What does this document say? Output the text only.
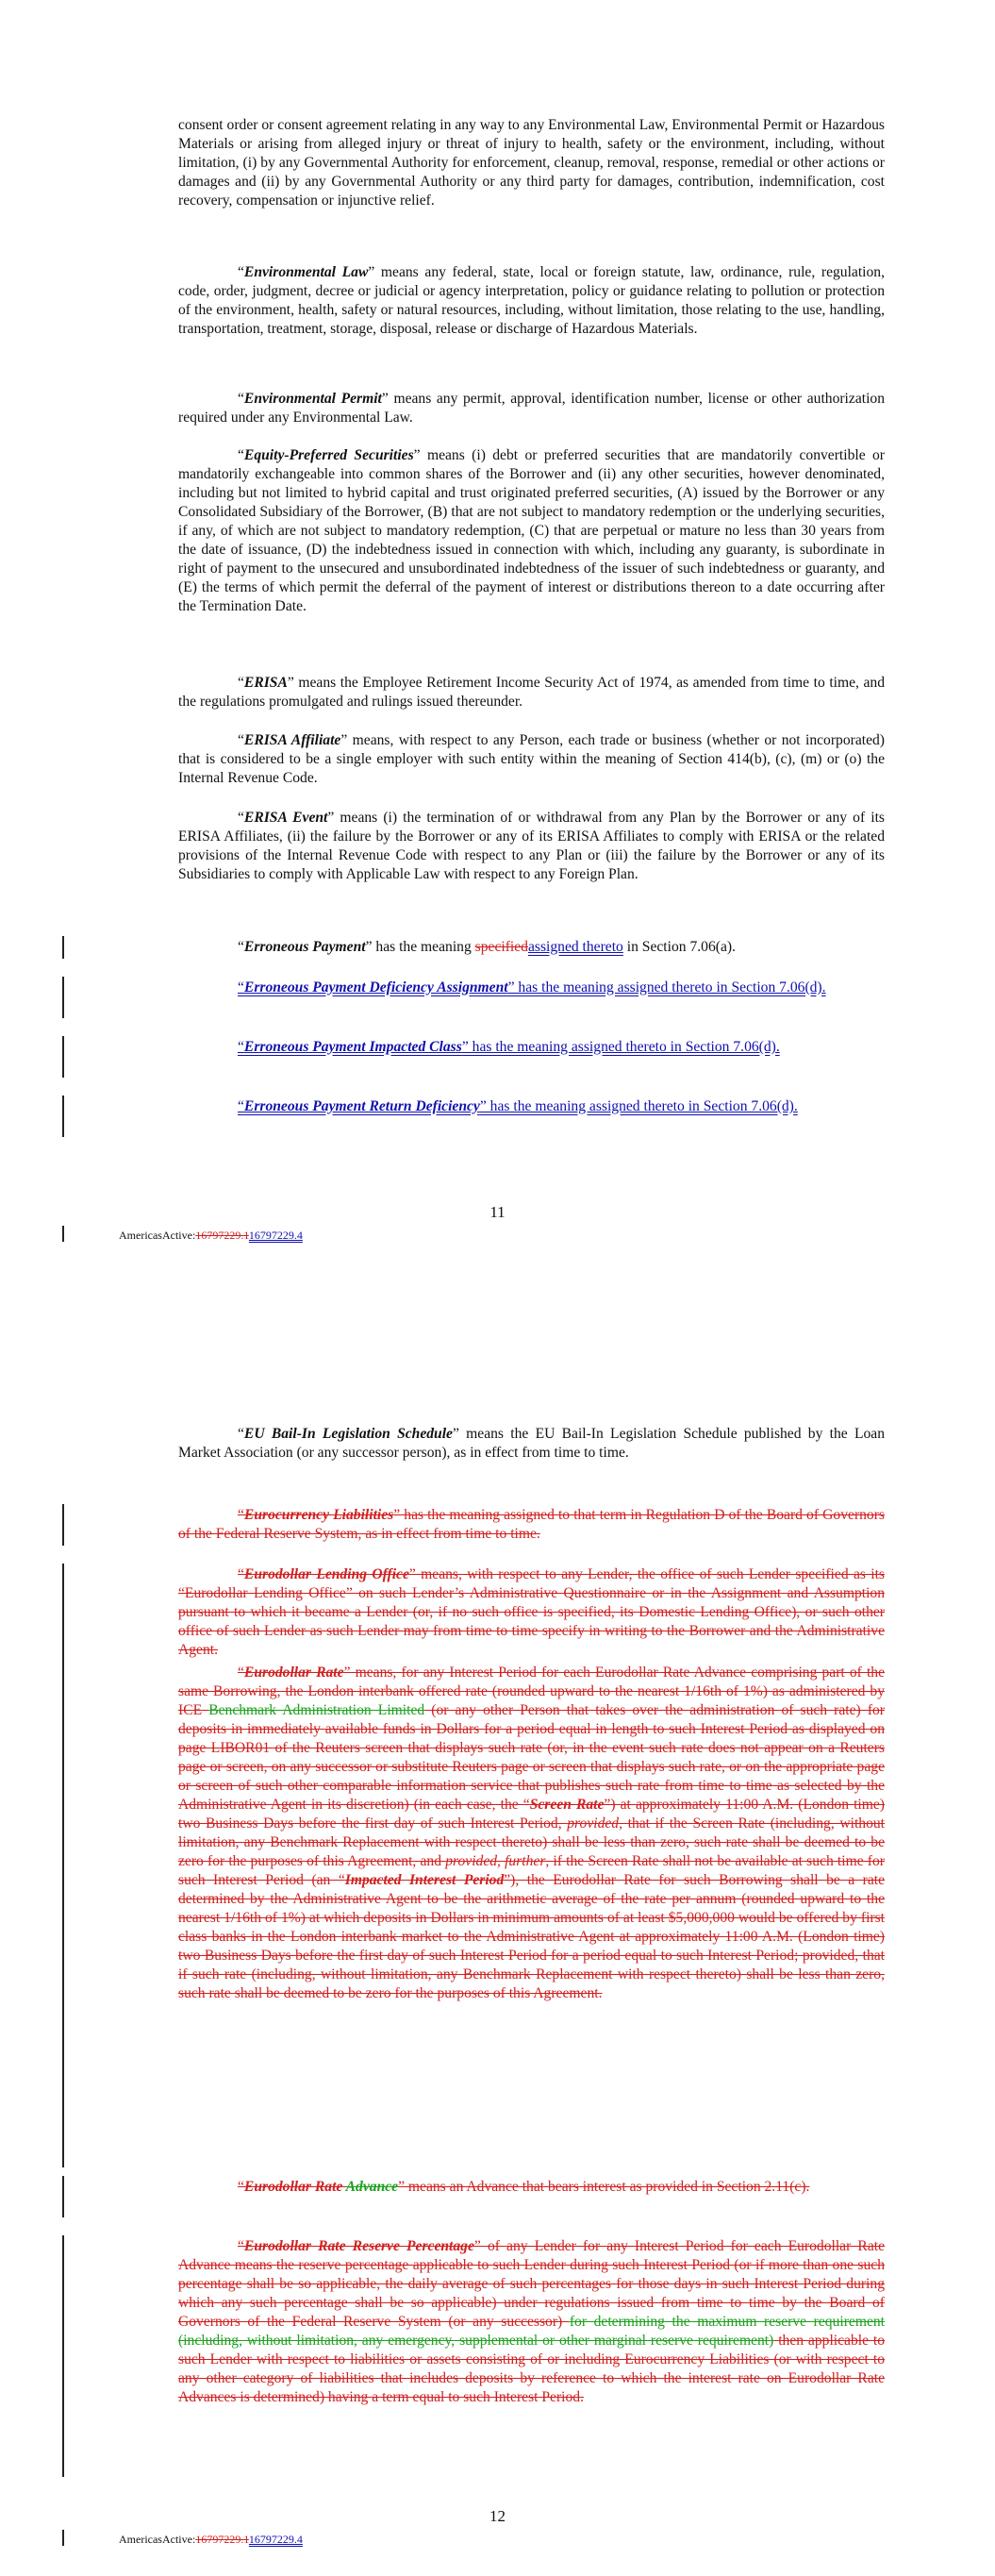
consent order or consent agreement relating in any way to any Environmental Law, Environmental Permit or Hazardous Materials or arising from alleged injury or threat of injury to health, safety or the environment, including, without limitation, (i) by any Governmental Authority for enforcement, cleanup, removal, response, remedial or other actions or damages and (ii) by any Governmental Authority or any third party for damages, contribution, indemnification, cost recovery, compensation or injunctive relief.

“Environmental Law” means any federal, state, local or foreign statute, law, ordinance, rule, regulation, code, order, judgment, decree or judicial or agency interpretation, policy or guidance relating to pollution or protection of the environment, health, safety or natural resources, including, without limitation, those relating to the use, handling, transportation, treatment, storage, disposal, release or discharge of Hazardous Materials.

“Environmental Permit” means any permit, approval, identification number, license or other authorization required under any Environmental Law.

“Equity-Preferred Securities” means (i) debt or preferred securities that are mandatorily convertible or mandatorily exchangeable into common shares of the Borrower and (ii) any other securities, however denominated, including but not limited to hybrid capital and trust originated preferred securities, (A) issued by the Borrower or any Consolidated Subsidiary of the Borrower, (B) that are not subject to mandatory redemption or the underlying securities, if any, of which are not subject to mandatory redemption, (C) that are perpetual or mature no less than 30 years from the date of issuance, (D) the indebtedness issued in connection with which, including any guaranty, is subordinate in right of payment to the unsecured and unsubordinated indebtedness of the issuer of such indebtedness or guaranty, and (E) the terms of which permit the deferral of the payment of interest or distributions thereon to a date occurring after the Termination Date.

“ERISA” means the Employee Retirement Income Security Act of 1974, as amended from time to time, and the regulations promulgated and rulings issued thereunder.

“ERISA Affiliate” means, with respect to any Person, each trade or business (whether or not incorporated) that is considered to be a single employer with such entity within the meaning of Section 414(b), (c), (m) or (o) the Internal Revenue Code.

“ERISA Event” means (i) the termination of or withdrawal from any Plan by the Borrower or any of its ERISA Affiliates, (ii) the failure by the Borrower or any of its ERISA Affiliates to comply with ERISA or the related provisions of the Internal Revenue Code with respect to any Plan or (iii) the failure by the Borrower or any of its Subsidiaries to comply with Applicable Law with respect to any Foreign Plan.

“Erroneous Payment” has the meaning specifiedassigned thereto in Section 7.06(a).

“Erroneous Payment Deficiency Assignment” has the meaning assigned thereto in Section 7.06(d).

“Erroneous Payment Impacted Class” has the meaning assigned thereto in Section 7.06(d).

“Erroneous Payment Return Deficiency” has the meaning assigned thereto in Section 7.06(d).

11
AmericasActive:16797229.116797229.4

“EU Bail-In Legislation Schedule” means the EU Bail-In Legislation Schedule published by the Loan Market Association (or any successor person), as in effect from time to time.

“Eurocurrency Liabilities” has the meaning assigned to that term in Regulation D of the Board of Governors of the Federal Reserve System, as in effect from time to time.

“Eurodollar Lending Office” means, with respect to any Lender, the office of such Lender specified as its “Eurodollar Lending Office” on such Lender’s Administrative Questionnaire or in the Assignment and Assumption pursuant to which it became a Lender (or, if no such office is specified, its Domestic Lending Office), or such other office of such Lender as such Lender may from time to time specify in writing to the Borrower and the Administrative Agent.

“Eurodollar Rate” means, for any Interest Period for each Eurodollar Rate Advance comprising part of the same Borrowing, the London interbank offered rate (rounded upward to the nearest 1/16th of 1%) as administered by ICE Benchmark Administration Limited (or any other Person that takes over the administration of such rate) for deposits in immediately available funds in Dollars for a period equal in length to such Interest Period as displayed on page LIBOR01 of the Reuters screen that displays such rate (or, in the event such rate does not appear on a Reuters page or screen, on any successor or substitute Reuters page or screen that displays such rate, or on the appropriate page or screen of such other comparable information service that publishes such rate from time to time as selected by the Administrative Agent in its discretion) (in each case, the “Screen Rate”) at approximately 11:00 A.M. (London time) two Business Days before the first day of such Interest Period, provided, that if the Screen Rate (including, without limitation, any Benchmark Replacement with respect thereto) shall be less than zero, such rate shall be deemed to be zero for the purposes of this Agreement, and provided, further, if the Screen Rate shall not be available at such time for such Interest Period (an “Impacted Interest Period”), the Eurodollar Rate for such Borrowing shall be a rate determined by the Administrative Agent to be the arithmetic average of the rate per annum (rounded upward to the nearest 1/16th of 1%) at which deposits in Dollars in minimum amounts of at least $5,000,000 would be offered by first class banks in the London interbank market to the Administrative Agent at approximately 11:00 A.M. (London time) two Business Days before the first day of such Interest Period for a period equal to such Interest Period; provided, that if such rate (including, without limitation, any Benchmark Replacement with respect thereto) shall be less than zero, such rate shall be deemed to be zero for the purposes of this Agreement.

“Eurodollar Rate Advance” means an Advance that bears interest as provided in Section 2.11(c).

“Eurodollar Rate Reserve Percentage” of any Lender for any Interest Period for each Eurodollar Rate Advance means the reserve percentage applicable to such Lender during such Interest Period (or if more than one such percentage shall be so applicable, the daily average of such percentages for those days in such Interest Period during which any such percentage shall be so applicable) under regulations issued from time to time by the Board of Governors of the Federal Reserve System (or any successor) for determining the maximum reserve requirement (including, without limitation, any emergency, supplemental or other marginal reserve requirement) then applicable to such Lender with respect to liabilities or assets consisting of or including Eurocurrency Liabilities (or with respect to any other category of liabilities that includes deposits by reference to which the interest rate on Eurodollar Rate Advances is determined) having a term equal to such Interest Period.

12
AmericasActive:16797229.116797229.4
